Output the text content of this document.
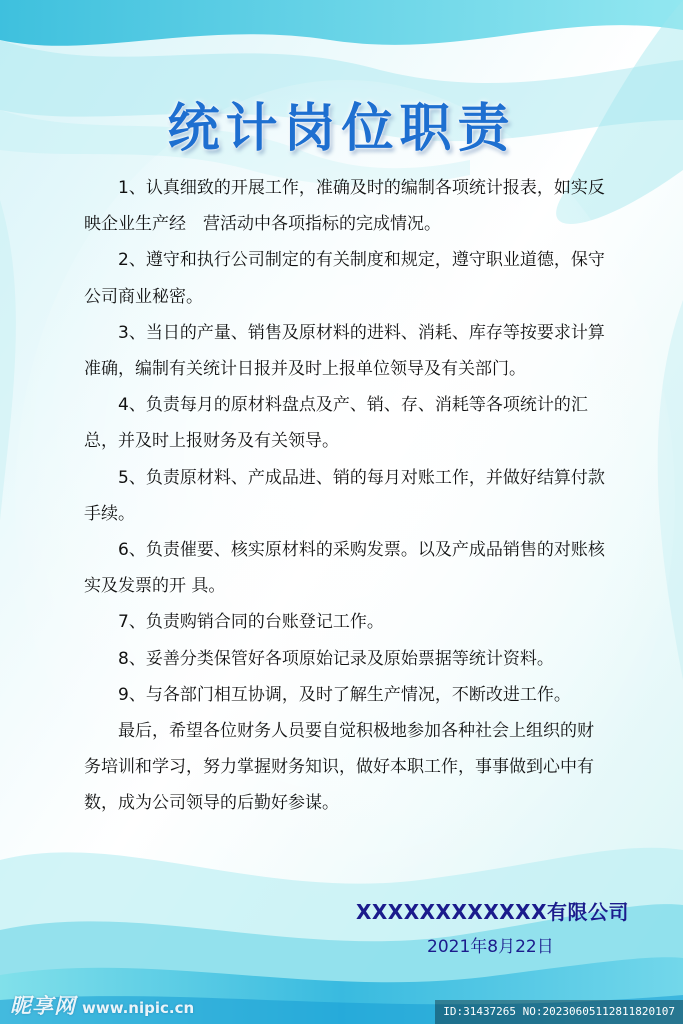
统计岗位职责

1、认真细致的开展工作，准确及时的编制各项统计报表，如实反映企业生产经　营活动中各项指标的完成情况。

2、遵守和执行公司制定的有关制度和规定，遵守职业道德，保守公司商业秘密。

3、当日的产量、销售及原材料的进料、消耗、库存等按要求计算准确，编制有关统计日报并及时上报单位领导及有关部门。

4、负责每月的原材料盘点及产、销、存、消耗等各项统计的汇总，并及时上报财务及有关领导。

5、负责原材料、产成品进、销的每月对账工作，并做好结算付款手续。

6、负责催要、核实原材料的采购发票。以及产成品销售的对账核实及发票的开 具。

7、负责购销合同的台账登记工作。

8、妥善分类保管好各项原始记录及原始票据等统计资料。

9、与各部门相互协调，及时了解生产情况，不断改进工作。

最后，希望各位财务人员要自觉积极地参加各种社会上组织的财务培训和学习，努力掌握财务知识，做好本职工作，事事做到心中有数，成为公司领导的后勤好参谋。

XXXXXXXXXXXX有限公司
2021年8月22日
昵享网 www.nipic.cn	ID:31437265 NO:20230605112811820107
